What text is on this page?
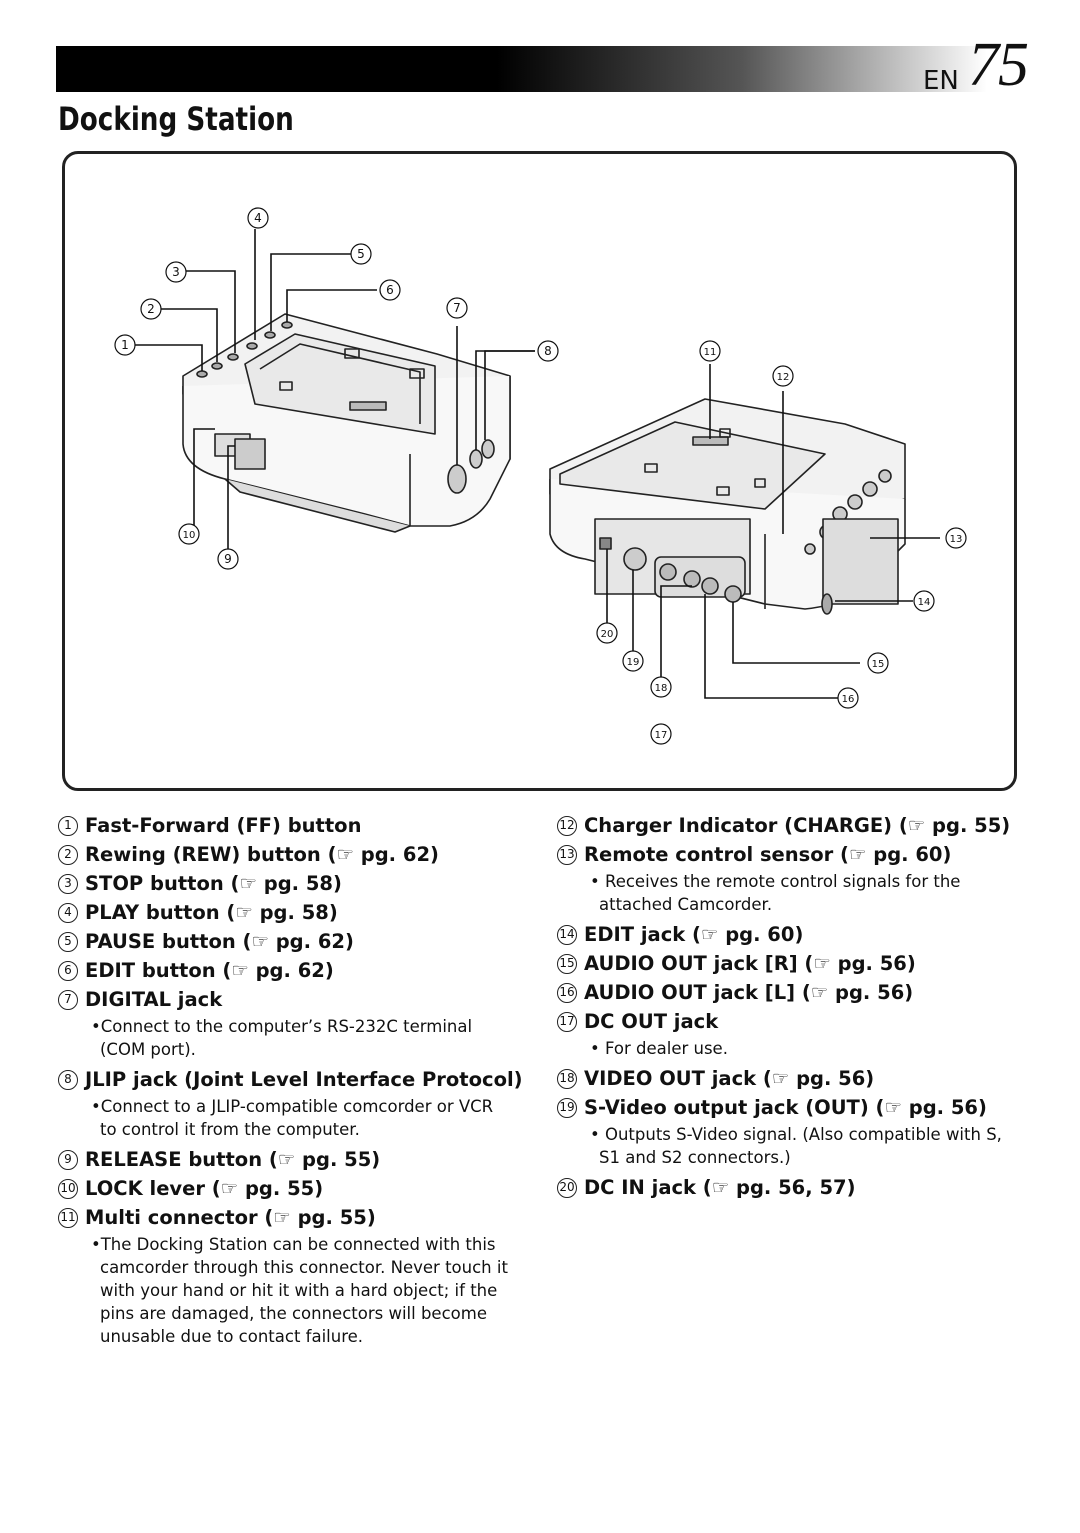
EN 75
Docking Station
1
2
3
4
5
6
7
8
9
10
11
12
13
14
15
16
17
18
19
20
1 Fast-Forward (FF) button
2 Rewing (REW) button (☞ pg. 62)
3 STOP button (☞ pg. 58)
4 PLAY button (☞ pg. 58)
5 PAUSE button (☞ pg. 62)
6 EDIT button (☞ pg. 62)
7 DIGITAL jack
•Connect to the computer’s RS-232C terminal (COM port).
8 JLIP jack (Joint Level Interface Protocol)
•Connect to a JLIP-compatible comcorder or VCR to control it from the computer.
9 RELEASE button (☞ pg. 55)
10 LOCK lever (☞ pg. 55)
11 Multi connector (☞ pg. 55)
•The Docking Station can be connected with this camcorder through this connector. Never touch it with your hand or hit it with a hard object; if the pins are damaged, the connectors will become unusable due to contact failure.
12 Charger Indicator (CHARGE) (☞ pg. 55)
13 Remote control sensor (☞ pg. 60)
• Receives the remote control signals for the attached Camcorder.
14 EDIT jack (☞ pg. 60)
15 AUDIO OUT jack [R] (☞ pg. 56)
16 AUDIO OUT jack [L] (☞ pg. 56)
17 DC OUT jack
• For dealer use.
18 VIDEO OUT jack (☞ pg. 56)
19 S-Video output jack (OUT) (☞ pg. 56)
• Outputs S-Video signal. (Also compatible with S, S1 and S2 connectors.)
20 DC IN jack (☞ pg. 56, 57)
